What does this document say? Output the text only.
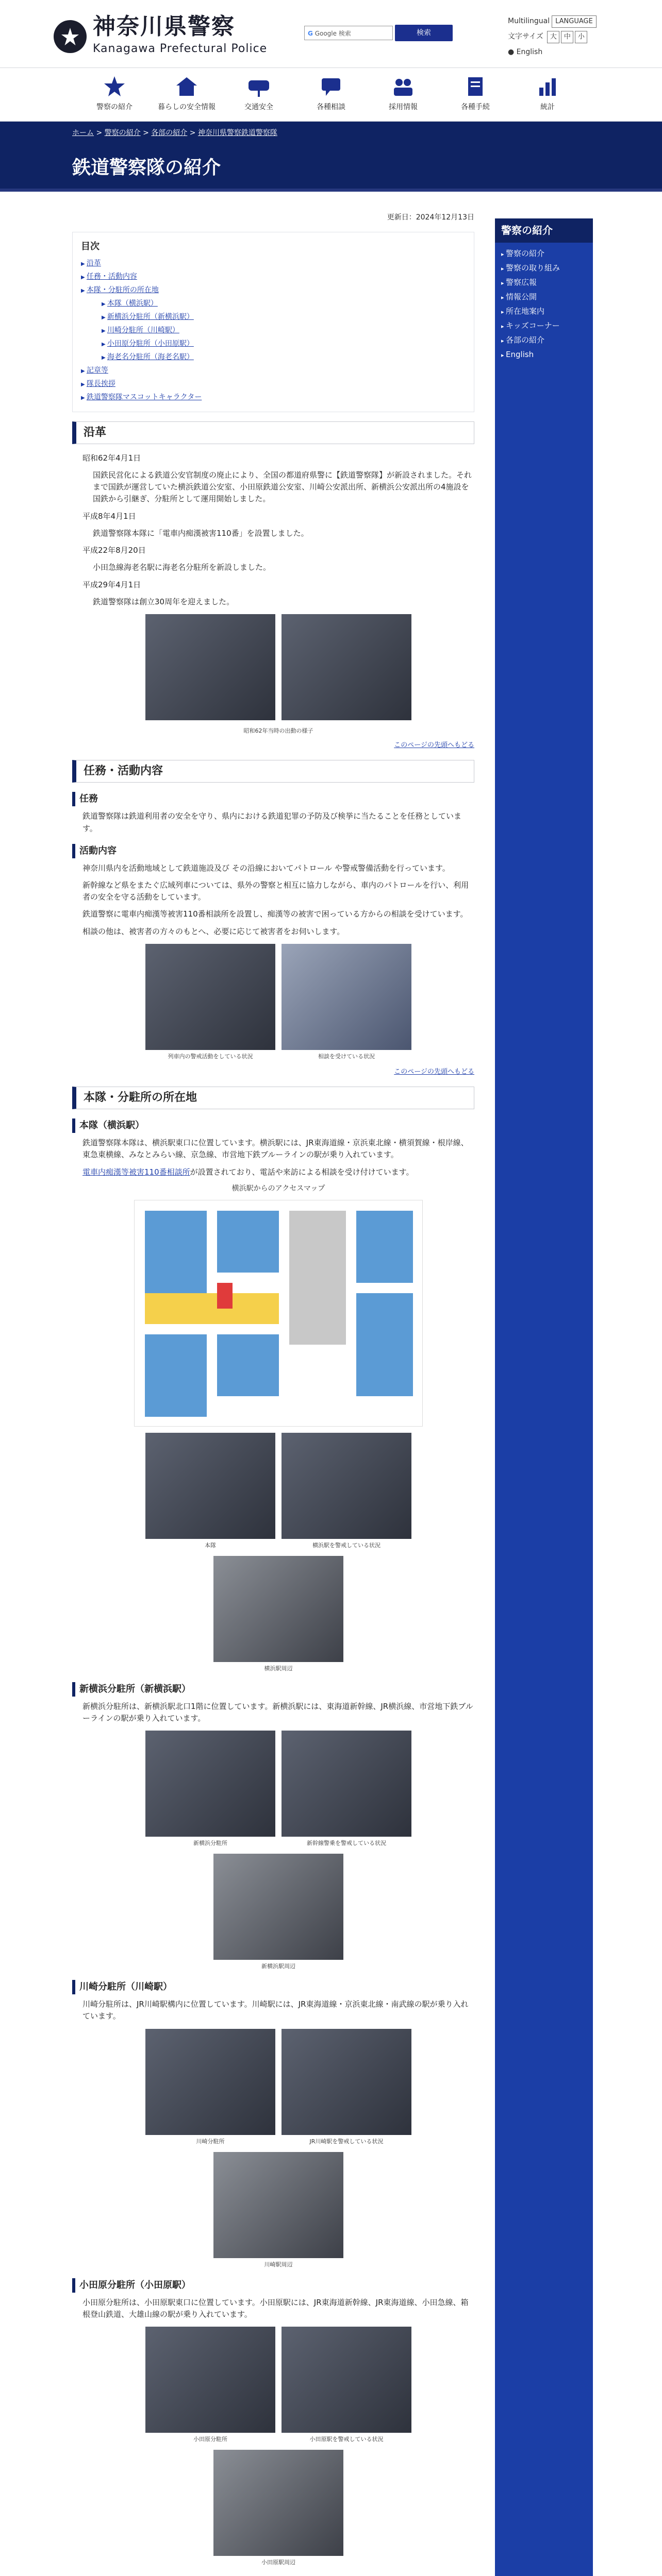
神奈川県警察
Kanagawa Prefectural Police
G Google 検索	検索
Multilingual LANGUAGE
文字サイズ 大 中 小
● English
警察の紹介	暮らしの安全情報	交通安全	各種相談	採用情報	各種手続	統計
ホーム > 警察の紹介 > 各部の紹介 > 神奈川県警察鉄道警察隊
鉄道警察隊の紹介
警察の紹介
▸ 警察の紹介
▸ 警察の取り組み
▸ 警察広報
▸ 情報公開
▸ 所在地案内
▸ キッズコーナー
▸ 各部の紹介
▸ English
更新日：2024年12月13日
目次
▶ 沿革
▶ 任務・活動内容
▶ 本隊・分駐所の所在地
▶ 本隊（横浜駅）
▶ 新横浜分駐所（新横浜駅）
▶ 川崎分駐所（川崎駅）
▶ 小田原分駐所（小田原駅）
▶ 海老名分駐所（海老名駅）
▶ 記章等
▶ 隊長挨拶
▶ 鉄道警察隊マスコットキャラクター
沿革

昭和62年4月1日

国鉄民営化による鉄道公安官制度の廃止により、全国の都道府県警に【鉄道警察隊】が新設されました。それまで国鉄が運営していた横浜鉄道公安室、小田原鉄道公安室、川崎公安派出所、新横浜公安派出所の4施設を国鉄から引継ぎ、分駐所として運用開始しました。

平成8年4月1日

鉄道警察隊本隊に「電車内痴漢被害110番」を設置しました。

平成22年8月20日

小田急線海老名駅に海老名分駐所を新設しました。

平成29年4月1日

鉄道警察隊は創立30周年を迎えました。

昭和62年当時の出動の様子
このページの先頭へもどる
任務・活動内容
任務

鉄道警察隊は鉄道利用者の安全を守り、県内における鉄道犯罪の予防及び検挙に当たることを任務としています。

活動内容

神奈川県内を活動地域として鉄道施設及び その沿線においてパトロール や警戒警備活動を行っています。

新幹線など県をまたぐ広域列車については、県外の警察と相互に協力しながら、車内のパトロールを行い、利用者の安全を守る活動をしています。

鉄道警察に電車内痴漢等被害110番相談所を設置し、痴漢等の被害で困っている方からの相談を受けています。

相談の他は、被害者の方々のもとへ、必要に応じて被害者をお伺いします。

列車内の警戒活動をしている状況	相談を受けている状況
このページの先頭へもどる
本隊・分駐所の所在地
本隊（横浜駅）

鉄道警察隊本隊は、横浜駅東口に位置しています。横浜駅には、JR東海道線・京浜東北線・横須賀線・根岸線、東急東横線、みなとみらい線、京急線、市営地下鉄ブルーラインの駅が乗り入れています。

電車内痴漢等被害110番相談所が設置されており、電話や来訪による相談を受け付けています。

横浜駅からのアクセスマップ
本隊	横浜駅を警戒している状況
横浜駅周辺
新横浜分駐所（新横浜駅）

新横浜分駐所は、新横浜駅北口1階に位置しています。新横浜駅には、東海道新幹線、JR横浜線、市営地下鉄ブルーラインの駅が乗り入れています。

新横浜分駐所	新幹線警乗を警戒している状況
新横浜駅周辺
川崎分駐所（川崎駅）

川崎分駐所は、JR川崎駅構内に位置しています。川崎駅には、JR東海道線・京浜東北線・南武線の駅が乗り入れています。

川崎分駐所	JR川崎駅を警戒している状況
川崎駅周辺
小田原分駐所（小田原駅）

小田原分駐所は、小田原駅東口に位置しています。小田原駅には、JR東海道新幹線、JR東海道線、小田急線、箱根登山鉄道、大雄山線の駅が乗り入れています。

小田原分駐所	小田原駅を警戒している状況
小田原駅周辺
